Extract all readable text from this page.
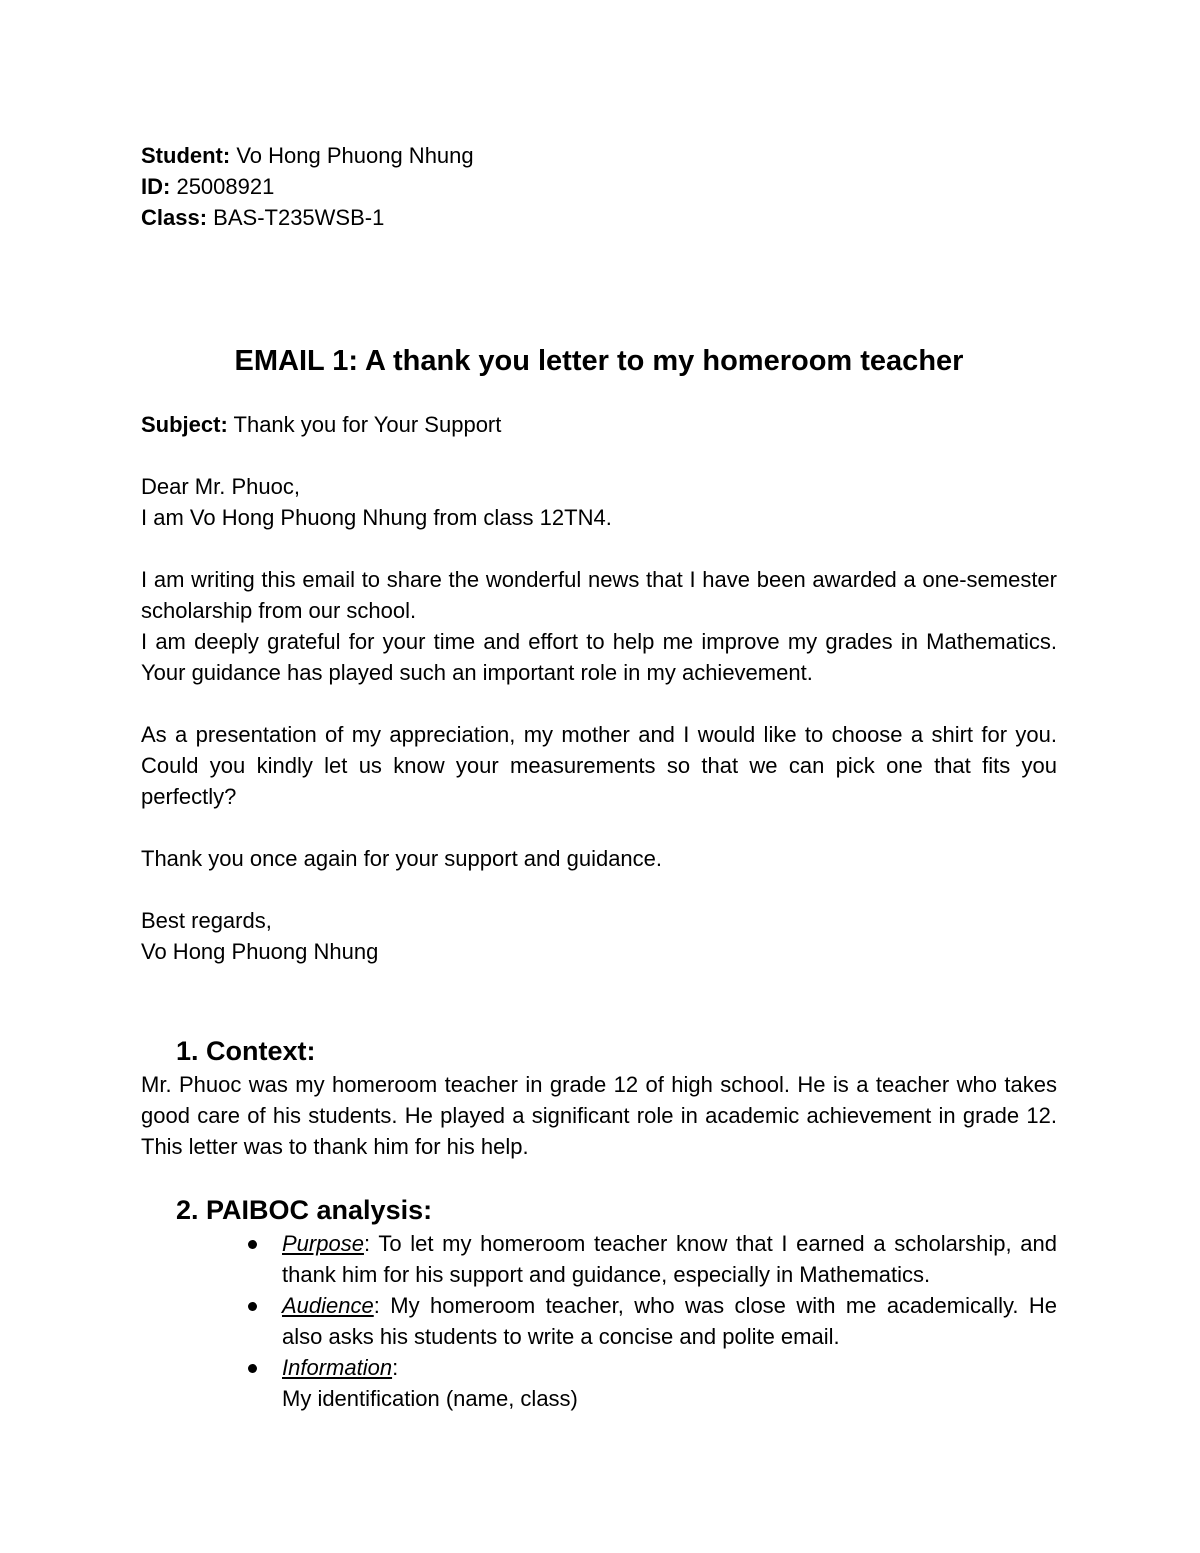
Student: Vo Hong Phuong Nhung

ID: 25008921

Class: BAS-T235WSB-1

EMAIL 1: A thank you letter to my homeroom teacher

Subject: Thank you for Your Support

Dear Mr. Phuoc,

I am Vo Hong Phuong Nhung from class 12TN4.

I am writing this email to share the wonderful news that I have been awarded a one-semester scholarship from our school.

I am deeply grateful for your time and effort to help me improve my grades in Mathematics. Your guidance has played such an important role in my achievement.

As a presentation of my appreciation, my mother and I would like to choose a shirt for you. Could you kindly let us know your measurements so that we can pick one that fits you perfectly?

Thank you once again for your support and guidance.

Best regards,

Vo Hong Phuong Nhung

1. Context:

Mr. Phuoc was my homeroom teacher in grade 12 of high school. He is a teacher who takes good care of his students. He played a significant role in academic achievement in grade 12. This letter was to thank him for his help.

2. PAIBOC analysis:
Purpose: To let my homeroom teacher know that I earned a scholarship, and thank him for his support and guidance, especially in Mathematics.
Audience: My homeroom teacher, who was close with me academically. He also asks his students to write a concise and polite email.
Information:
My identification (name, class)
